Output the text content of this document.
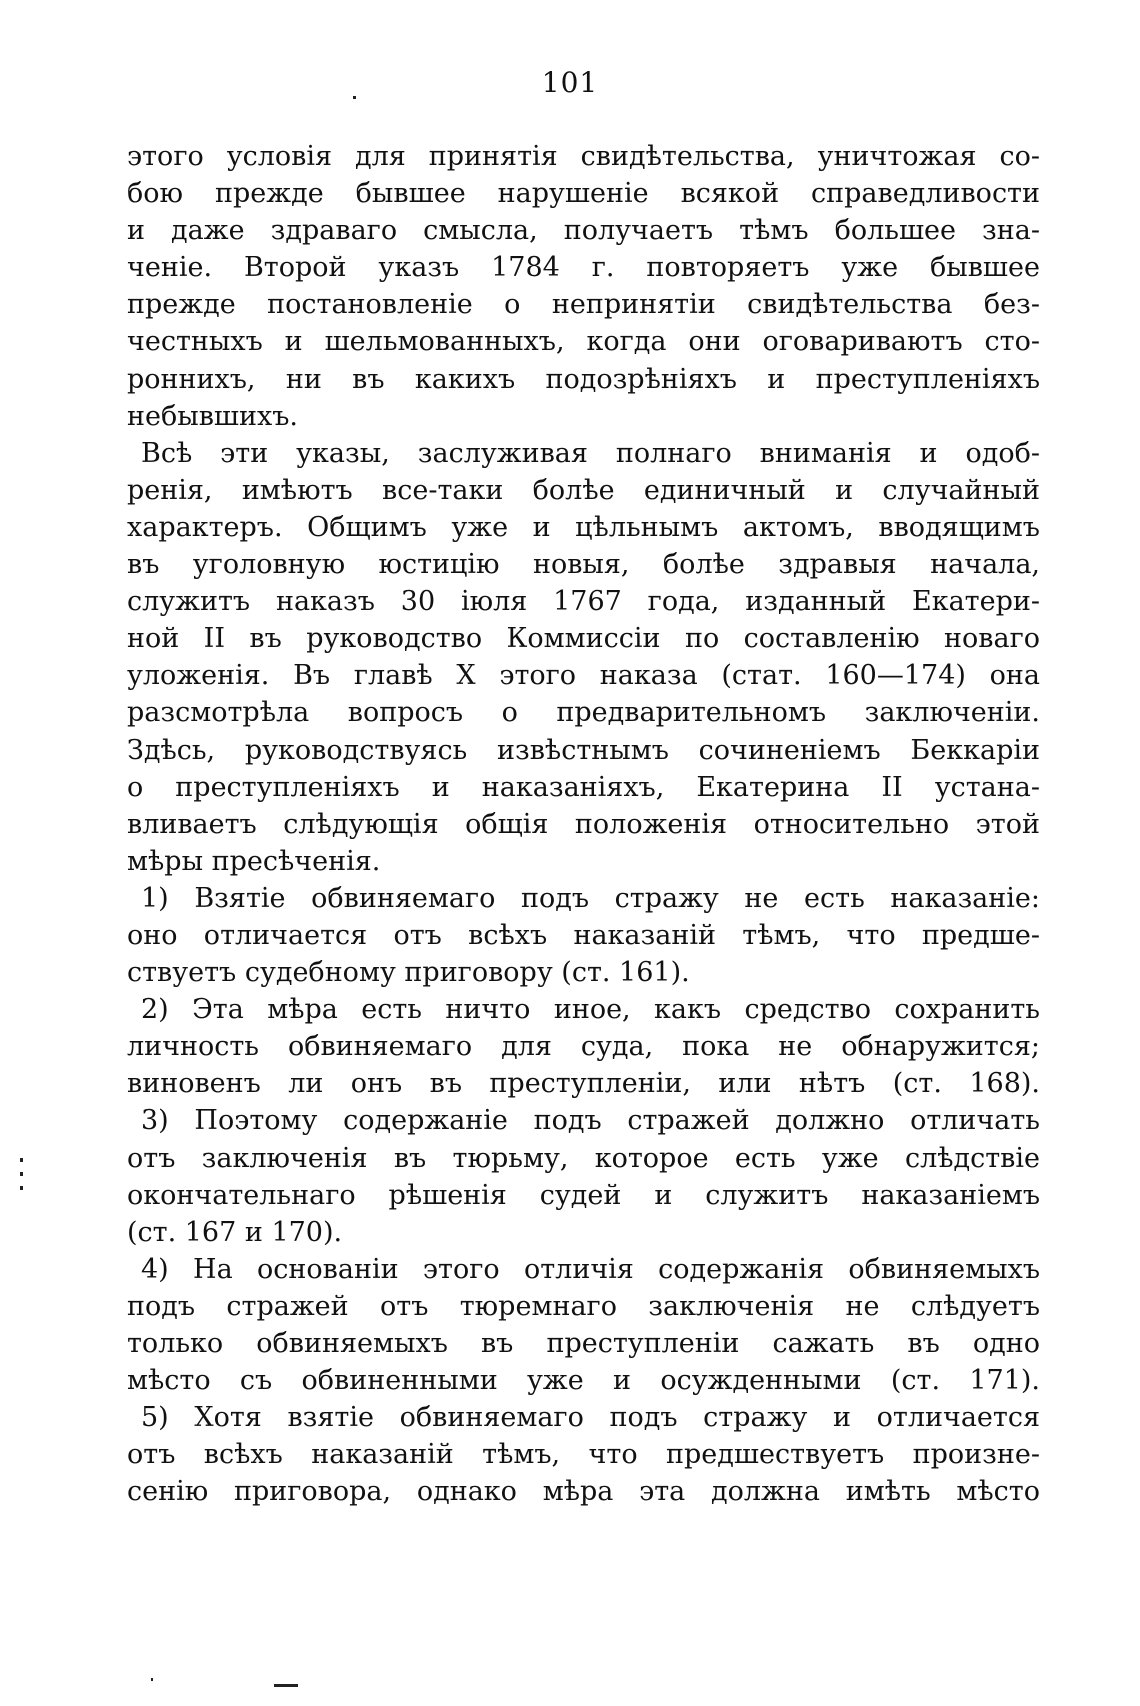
101
этого условія для принятія свидѣтельства, уничтожая со-
бою прежде бывшее нарушеніе всякой справедливости
и даже здраваго смысла, получаетъ тѣмъ большее зна-
ченіе. Второй указъ 1784 г. повторяетъ уже бывшее
прежде постановленіе о непринятіи свидѣтельства без-
честныхъ и шельмованныхъ, когда они оговариваютъ сто-
роннихъ, ни въ какихъ подозрѣніяхъ и преступленіяхъ
небывшихъ.
Всѣ эти указы, заслуживая полнаго вниманія и одоб-
ренія, имѣютъ все-таки болѣе единичный и случайный
характеръ. Общимъ уже и цѣльнымъ актомъ, вводящимъ
въ уголовную юстицію новыя, болѣе здравыя начала,
служитъ наказъ 30 іюля 1767 года, изданный Екатери-
ной II въ руководство Коммиссіи по составленію новаго
уложенія. Въ главѣ X этого наказа (стат. 160—174) она
разсмотрѣла вопросъ о предварительномъ заключеніи.
Здѣсь, руководствуясь извѣстнымъ сочиненіемъ Беккаріи
о преступленіяхъ и наказаніяхъ, Екатерина II устана-
вливаетъ слѣдующія общія положенія относительно этой
мѣры пресѣченія.
1) Взятіе обвиняемаго подъ стражу не есть наказаніе:
оно отличается отъ всѣхъ наказаній тѣмъ, что предше-
ствуетъ судебному приговору (ст. 161).
2) Эта мѣра есть ничто иное, какъ средство сохранить
личность обвиняемаго для суда, пока не обнаружится;
виновенъ ли онъ въ преступленіи, или нѣтъ (ст. 168).
3) Поэтому содержаніе подъ стражей должно отличать
отъ заключенія въ тюрьму, которое есть уже слѣдствіе
окончательнаго рѣшенія судей и служитъ наказаніемъ
(ст. 167 и 170).
4) На основаніи этого отличія содержанія обвиняемыхъ
подъ стражей отъ тюремнаго заключенія не слѣдуетъ
только обвиняемыхъ въ преступленіи сажать въ одно
мѣсто съ обвиненными уже и осужденными (ст. 171).
5) Хотя взятіе обвиняемаго подъ стражу и отличается
отъ всѣхъ наказаній тѣмъ, что предшествуетъ произне-
сенію приговора, однако мѣра эта должна имѣть мѣсто
